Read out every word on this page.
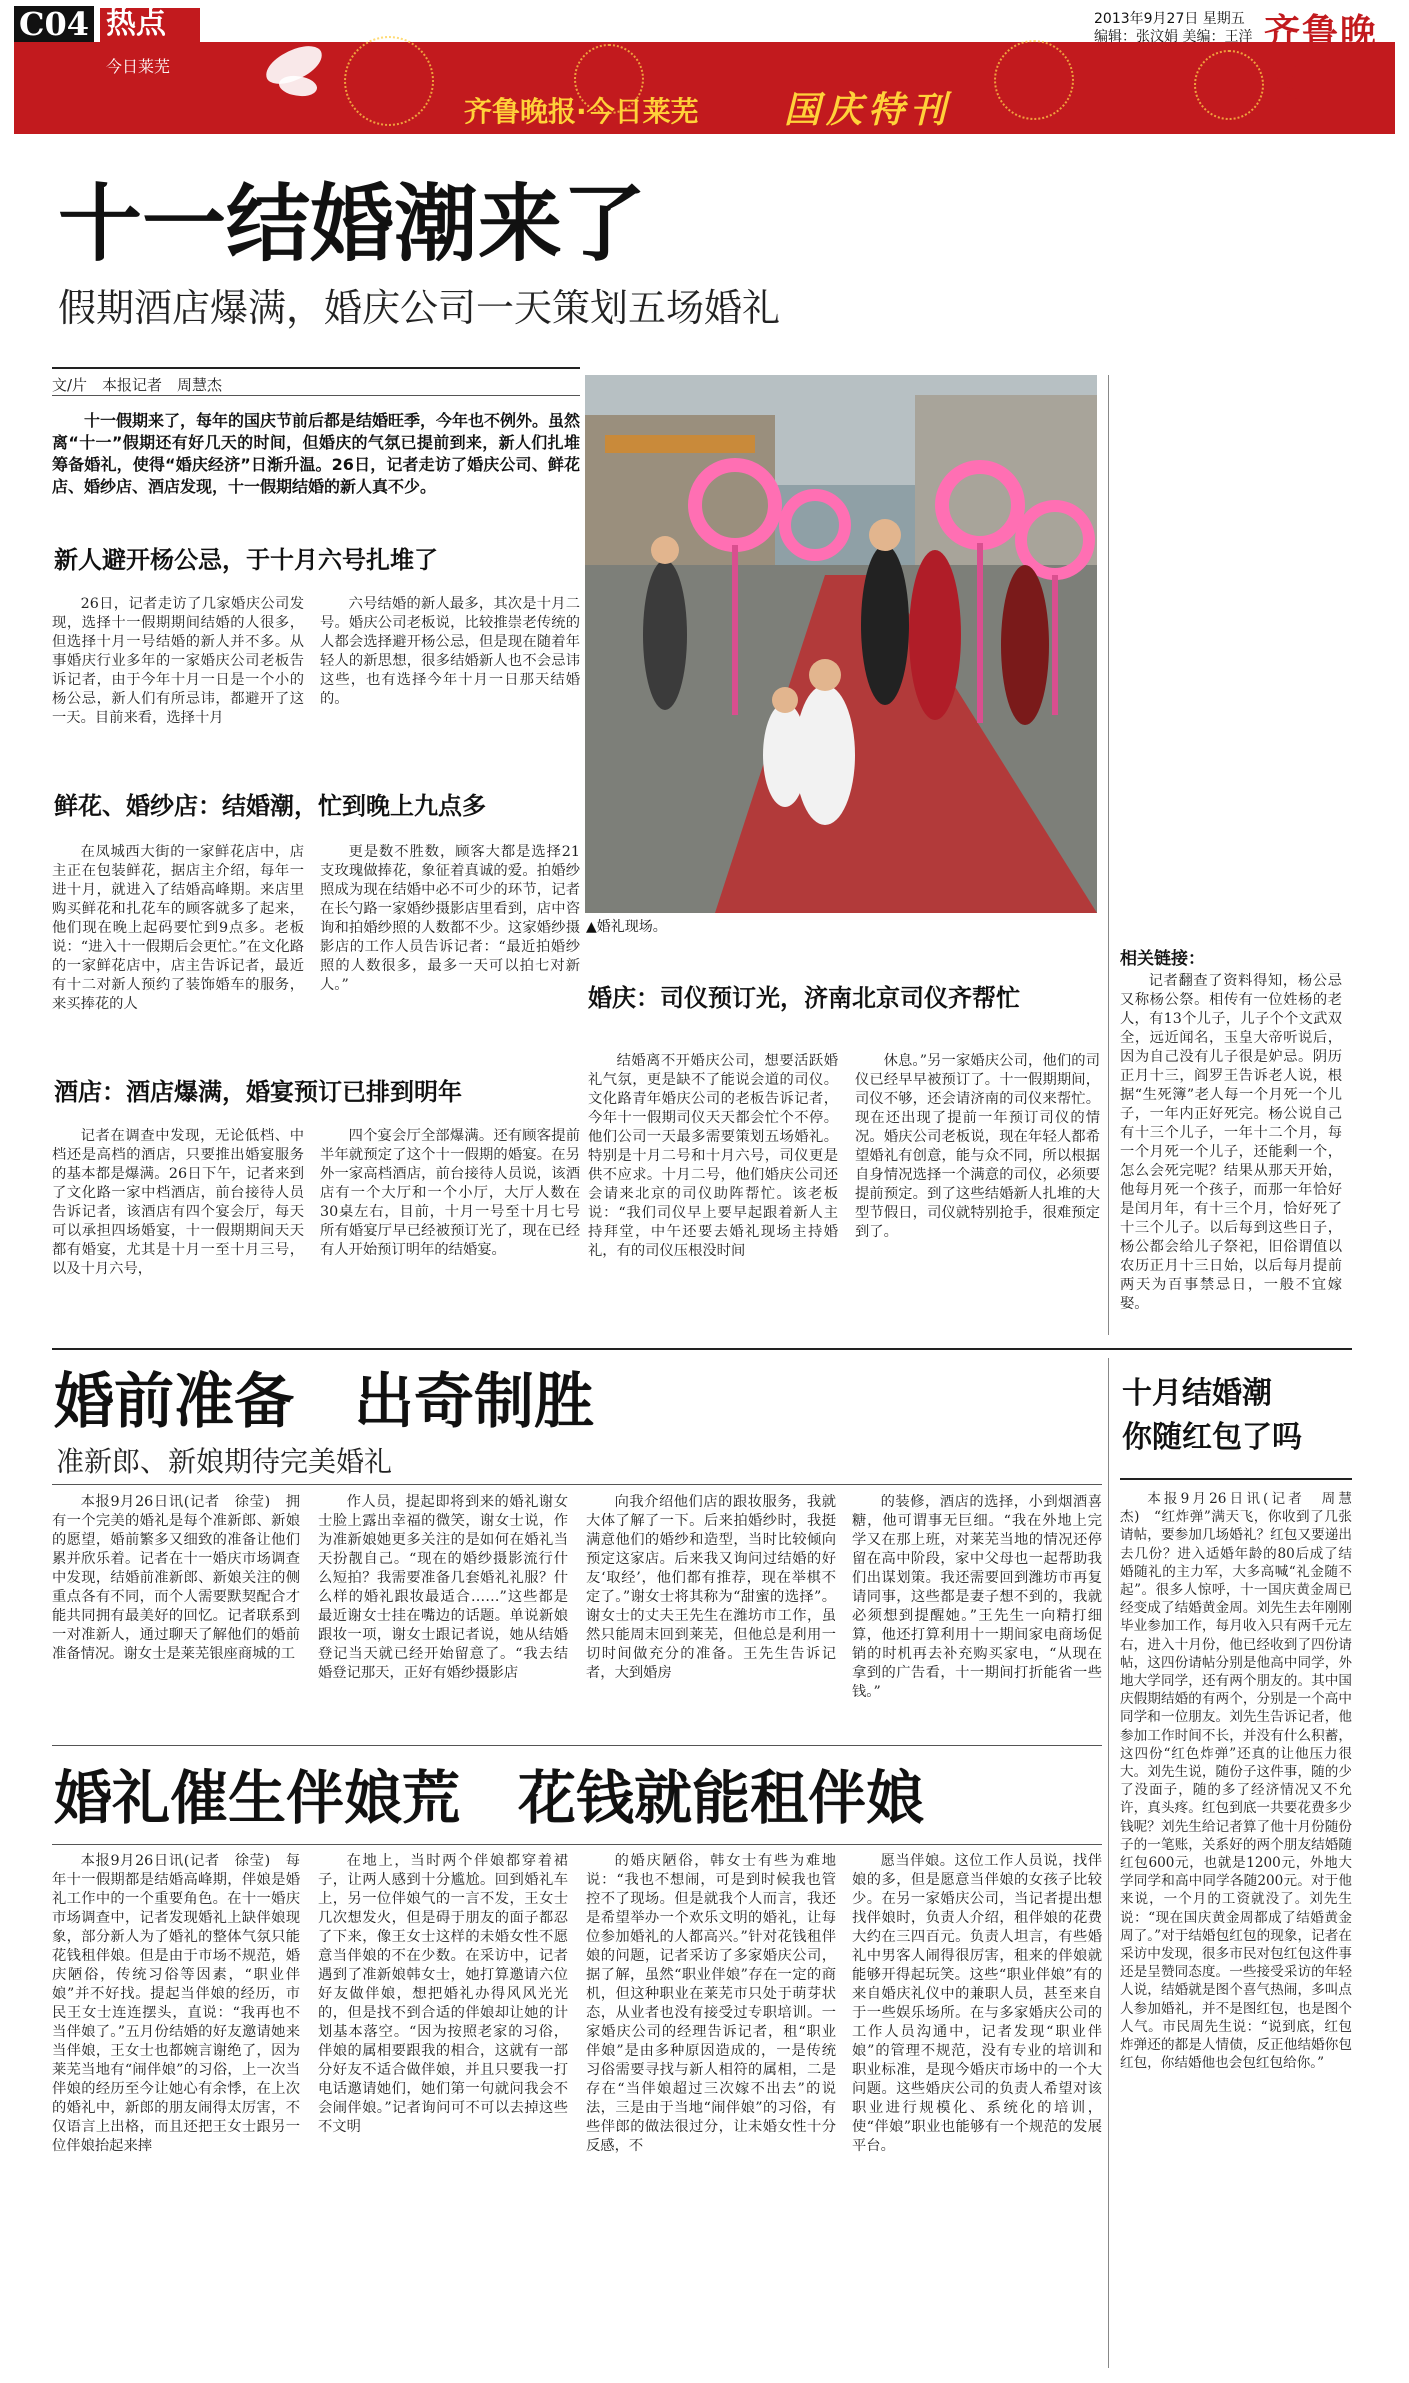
C04 热点
今日莱芜
2013年9月27日 星期五
编辑：张汶娟 美编：王洋 齐鲁晚报
齐鲁晚报·今日莱芜 国庆特刊
十一结婚潮来了
假期酒店爆满，婚庆公司一天策划五场婚礼
文/片　本报记者　周慧杰

十一假期来了，每年的国庆节前后都是结婚旺季，今年也不例外。虽然离“十一”假期还有好几天的时间，但婚庆的气氛已提前到来，新人们扎堆筹备婚礼，使得“婚庆经济”日渐升温。26日，记者走访了婚庆公司、鲜花店、婚纱店、酒店发现，十一假期结婚的新人真不少。

新人避开杨公忌，于十月六号扎堆了

26日，记者走访了几家婚庆公司发现，选择十一假期期间结婚的人很多，但选择十月一号结婚的新人并不多。从事婚庆行业多年的一家婚庆公司老板告诉记者，由于今年十月一日是一个小的杨公忌，新人们有所忌讳，都避开了这一天。目前来看，选择十月

六号结婚的新人最多，其次是十月二号。婚庆公司老板说，比较推崇老传统的人都会选择避开杨公忌，但是现在随着年轻人的新思想，很多结婚新人也不会忌讳这些，也有选择今年十月一日那天结婚的。

鲜花、婚纱店：结婚潮，忙到晚上九点多

在凤城西大街的一家鲜花店中，店主正在包装鲜花，据店主介绍，每年一进十月，就进入了结婚高峰期。来店里购买鲜花和扎花车的顾客就多了起来，他们现在晚上起码要忙到9点多。老板说：“进入十一假期后会更忙。”在文化路的一家鲜花店中，店主告诉记者，最近有十二对新人预约了装饰婚车的服务，来买捧花的人

更是数不胜数，顾客大都是选择21支玫瑰做捧花，象征着真诚的爱。拍婚纱照成为现在结婚中必不可少的环节，记者在长勺路一家婚纱摄影店里看到，店中咨询和拍婚纱照的人数都不少。这家婚纱摄影店的工作人员告诉记者：“最近拍婚纱照的人数很多，最多一天可以拍七对新人。”

酒店：酒店爆满，婚宴预订已排到明年

记者在调查中发现，无论低档、中档还是高档的酒店，只要推出婚宴服务的基本都是爆满。26日下午，记者来到了文化路一家中档酒店，前台接待人员告诉记者，该酒店有四个宴会厅，每天可以承担四场婚宴，十一假期期间天天都有婚宴，尤其是十月一至十月三号，以及十月六号，

四个宴会厅全部爆满。还有顾客提前半年就预定了这个十一假期的婚宴。在另外一家高档酒店，前台接待人员说，该酒店有一个大厅和一个小厅，大厅人数在30桌左右，目前，十月一号至十月七号所有婚宴厅早已经被预订光了，现在已经有人开始预订明年的结婚宴。

▲婚礼现场。
婚庆：司仪预订光，济南北京司仪齐帮忙

结婚离不开婚庆公司，想要活跃婚礼气氛，更是缺不了能说会道的司仪。文化路青年婚庆公司的老板告诉记者，今年十一假期司仪天天都会忙个不停。他们公司一天最多需要策划五场婚礼。特别是十月二号和十月六号，司仪更是供不应求。十月二号，他们婚庆公司还会请来北京的司仪助阵帮忙。该老板说：“我们司仪早上要早起跟着新人主持拜堂，中午还要去婚礼现场主持婚礼，有的司仪压根没时间

休息。”另一家婚庆公司，他们的司仪已经早早被预订了。十一假期期间，司仪不够，还会请济南的司仪来帮忙。现在还出现了提前一年预订司仪的情况。婚庆公司老板说，现在年轻人都希望婚礼有创意，能与众不同，所以根据自身情况选择一个满意的司仪，必须要提前预定。到了这些结婚新人扎堆的大型节假日，司仪就特别抢手，很难预定到了。

相关链接：

记者翻查了资料得知，杨公忌又称杨公祭。相传有一位姓杨的老人，有13个儿子，儿子个个文武双全，远近闻名，玉皇大帝听说后，因为自己没有儿子很是妒忌。阴历正月十三，阎罗王告诉老人说，根据“生死簿”老人每一个月死一个儿子，一年内正好死完。杨公说自己有十三个儿子，一年十二个月，每一个月死一个儿子，还能剩一个，怎么会死完呢？结果从那天开始，他每月死一个孩子，而那一年恰好是闰月年，有十三个月，恰好死了十三个儿子。以后每到这些日子，杨公都会给儿子祭祀，旧俗谓值以农历正月十三日始，以后每月提前两天为百事禁忌日，一般不宜嫁娶。

婚前准备　出奇制胜
准新郎、新娘期待完美婚礼

本报9月26日讯(记者　徐莹)　拥有一个完美的婚礼是每个准新郎、新娘的愿望，婚前繁多又细致的准备让他们累并欣乐着。记者在十一婚庆市场调查中发现，结婚前准新郎、新娘关注的侧重点各有不同，而个人需要默契配合才能共同拥有最美好的回忆。记者联系到一对准新人，通过聊天了解他们的婚前准备情况。谢女士是莱芜银座商城的工

作人员，提起即将到来的婚礼谢女士脸上露出幸福的微笑，谢女士说，作为准新娘她更多关注的是如何在婚礼当天扮靓自己。“现在的婚纱摄影流行什么短拍？我需要准备几套婚礼礼服？什么样的婚礼跟妆最适合……”这些都是最近谢女士挂在嘴边的话题。单说新娘跟妆一项，谢女士跟记者说，她从结婚登记当天就已经开始留意了。“我去结婚登记那天，正好有婚纱摄影店

向我介绍他们店的跟妆服务，我就大体了解了一下。后来拍婚纱时，我挺满意他们的婚纱和造型，当时比较倾向预定这家店。后来我又询问过结婚的好友‘取经’，他们都有推荐，现在举棋不定了。”谢女士将其称为“甜蜜的选择”。谢女士的丈夫王先生在潍坊市工作，虽然只能周末回到莱芜，但他总是利用一切时间做充分的准备。王先生告诉记者，大到婚房

的装修，酒店的选择，小到烟酒喜糖，他可谓事无巨细。“我在外地上完学又在那上班，对莱芜当地的情况还停留在高中阶段，家中父母也一起帮助我们出谋划策。我还需要回到潍坊市再复请同事，这些都是妻子想不到的，我就必须想到提醒她。”王先生一向精打细算，他还打算利用十一期间家电商场促销的时机再去补充购买家电，“从现在拿到的广告看，十一期间打折能省一些钱。”

婚礼催生伴娘荒　花钱就能租伴娘

本报9月26日讯(记者　徐莹)　每年十一假期都是结婚高峰期，伴娘是婚礼工作中的一个重要角色。在十一婚庆市场调查中，记者发现婚礼上缺伴娘现象，部分新人为了婚礼的整体气氛只能花钱租伴娘。但是由于市场不规范，婚庆陋俗，传统习俗等因素，“职业伴娘”并不好找。提起当伴娘的经历，市民王女士连连摆头，直说：“我再也不当伴娘了。”五月份结婚的好友邀请她来当伴娘，王女士也都婉言谢绝了，因为莱芜当地有“闹伴娘”的习俗，上一次当伴娘的经历至今让她心有余悸，在上次的婚礼中，新郎的朋友闹得太厉害，不仅语言上出格，而且还把王女士跟另一位伴娘抬起来摔

在地上，当时两个伴娘都穿着裙子，让两人感到十分尴尬。回到婚礼车上，另一位伴娘气的一言不发，王女士几次想发火，但是碍于朋友的面子都忍了下来，像王女士这样的未婚女性不愿意当伴娘的不在少数。在采访中，记者遇到了准新娘韩女士，她打算邀请六位好友做伴娘，想把婚礼办得风风光光的，但是找不到合适的伴娘却让她的计划基本落空。“因为按照老家的习俗，伴娘的属相要跟我的相合，这就有一部分好友不适合做伴娘，并且只要我一打电话邀请她们，她们第一句就问我会不会闹伴娘。”记者询问可不可以去掉这些不文明

的婚庆陋俗，韩女士有些为难地说：“我也不想闹，可是到时候我也管控不了现场。但是就我个人而言，我还是希望举办一个欢乐文明的婚礼，让每位参加婚礼的人都高兴。”针对花钱租伴娘的问题，记者采访了多家婚庆公司，据了解，虽然“职业伴娘”存在一定的商机，但这种职业在莱芜市只处于萌芽状态，从业者也没有接受过专职培训。一家婚庆公司的经理告诉记者，租“职业伴娘”是由多种原因造成的，一是传统习俗需要寻找与新人相符的属相，二是存在“当伴娘超过三次嫁不出去”的说法，三是由于当地“闹伴娘”的习俗，有些伴郎的做法很过分，让未婚女性十分反感，不

愿当伴娘。这位工作人员说，找伴娘的多，但是愿意当伴娘的女孩子比较少。在另一家婚庆公司，当记者提出想找伴娘时，负责人介绍，租伴娘的花费大约在三四百元。负责人坦言，有些婚礼中男客人闹得很厉害，租来的伴娘就能够开得起玩笑。这些“职业伴娘”有的来自婚庆礼仪中的兼职人员，甚至来自于一些娱乐场所。在与多家婚庆公司的工作人员沟通中，记者发现“职业伴娘”的管理不规范，没有专业的培训和职业标准，是现今婚庆市场中的一个大问题。这些婚庆公司的负责人希望对该职业进行规模化、系统化的培训，使“伴娘”职业也能够有一个规范的发展平台。

十月结婚潮
你随红包了吗

本报9月26日讯(记者　周慧杰)　“红炸弹”满天飞，你收到了几张请帖，要参加几场婚礼？红包又要递出去几份？进入适婚年龄的80后成了结婚随礼的主力军，大多高喊“礼金随不起”。很多人惊呼，十一国庆黄金周已经变成了结婚黄金周。刘先生去年刚刚毕业参加工作，每月收入只有两千元左右，进入十月份，他已经收到了四份请帖，这四份请帖分别是他高中同学，外地大学同学，还有两个朋友的。其中国庆假期结婚的有两个，分别是一个高中同学和一位朋友。刘先生告诉记者，他参加工作时间不长，并没有什么积蓄，这四份“红色炸弹”还真的让他压力很大。刘先生说，随份子这件事，随的少了没面子，随的多了经济情况又不允许，真头疼。红包到底一共要花费多少钱呢？刘先生给记者算了他十月份随份子的一笔账，关系好的两个朋友结婚随红包600元，也就是1200元，外地大学同学和高中同学各随200元。对于他来说，一个月的工资就没了。刘先生说：“现在国庆黄金周都成了结婚黄金周了。”对于结婚包红包的现象，记者在采访中发现，很多市民对包红包这件事还是呈赞同态度。一些接受采访的年轻人说，结婚就是图个喜气热闹，多叫点人参加婚礼，并不是图红包，也是图个人气。市民周先生说：“说到底，红包炸弹还的都是人情债，反正他结婚你包红包，你结婚他也会包红包给你。”
